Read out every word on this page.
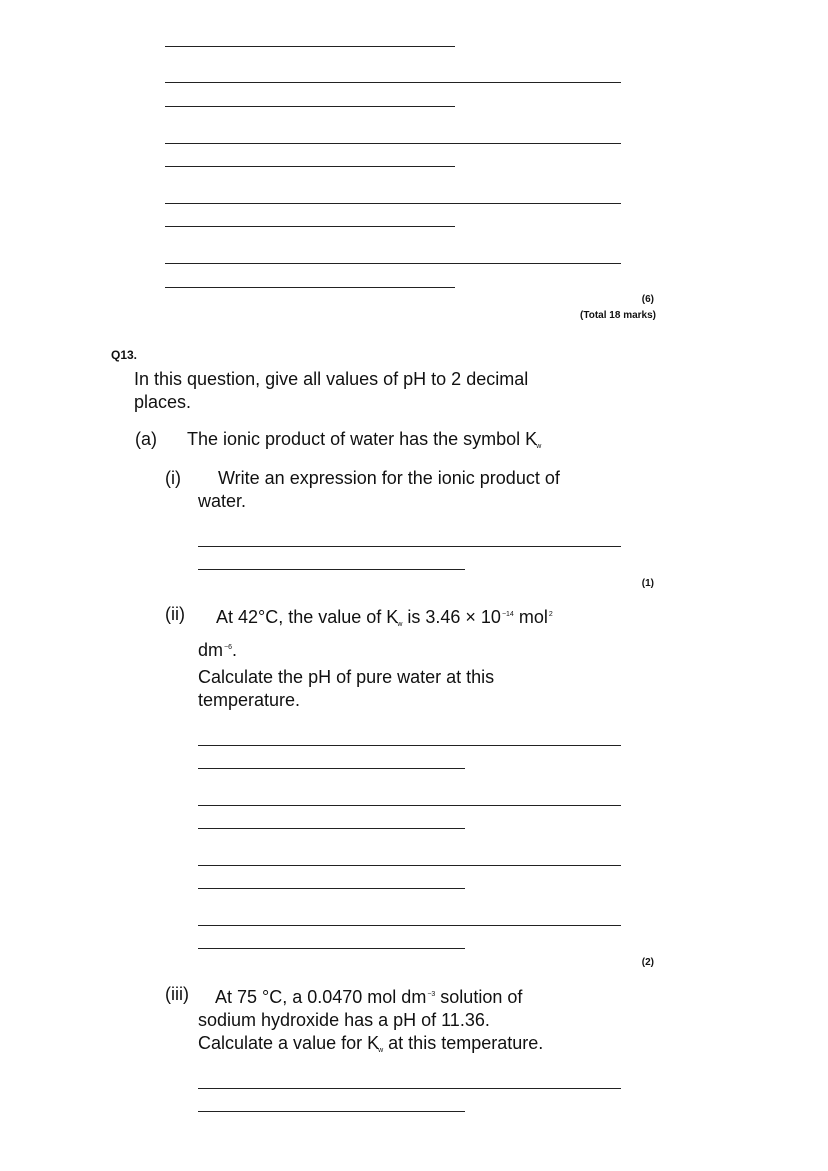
(6)
(Total 18 marks)
Q13.
In this question, give all values of pH to 2 decimal
places.
(a) The ionic product of water has the symbol $K_w$
(i)	Write an expression for the ionic product of
water.
(1)
(ii)	At 42°C, the value of $K_w$ is $3.46 \times 10^{-14}$ mol$^2$
$dm^{-6}$.
Calculate the pH of pure water at this
temperature.
(2)
(iii)	At 75 °C, a 0.0470 mol $dm^{-3}$ solution of
sodium hydroxide has a pH of 11.36.
Calculate a value for $K_w$ at this temperature.
